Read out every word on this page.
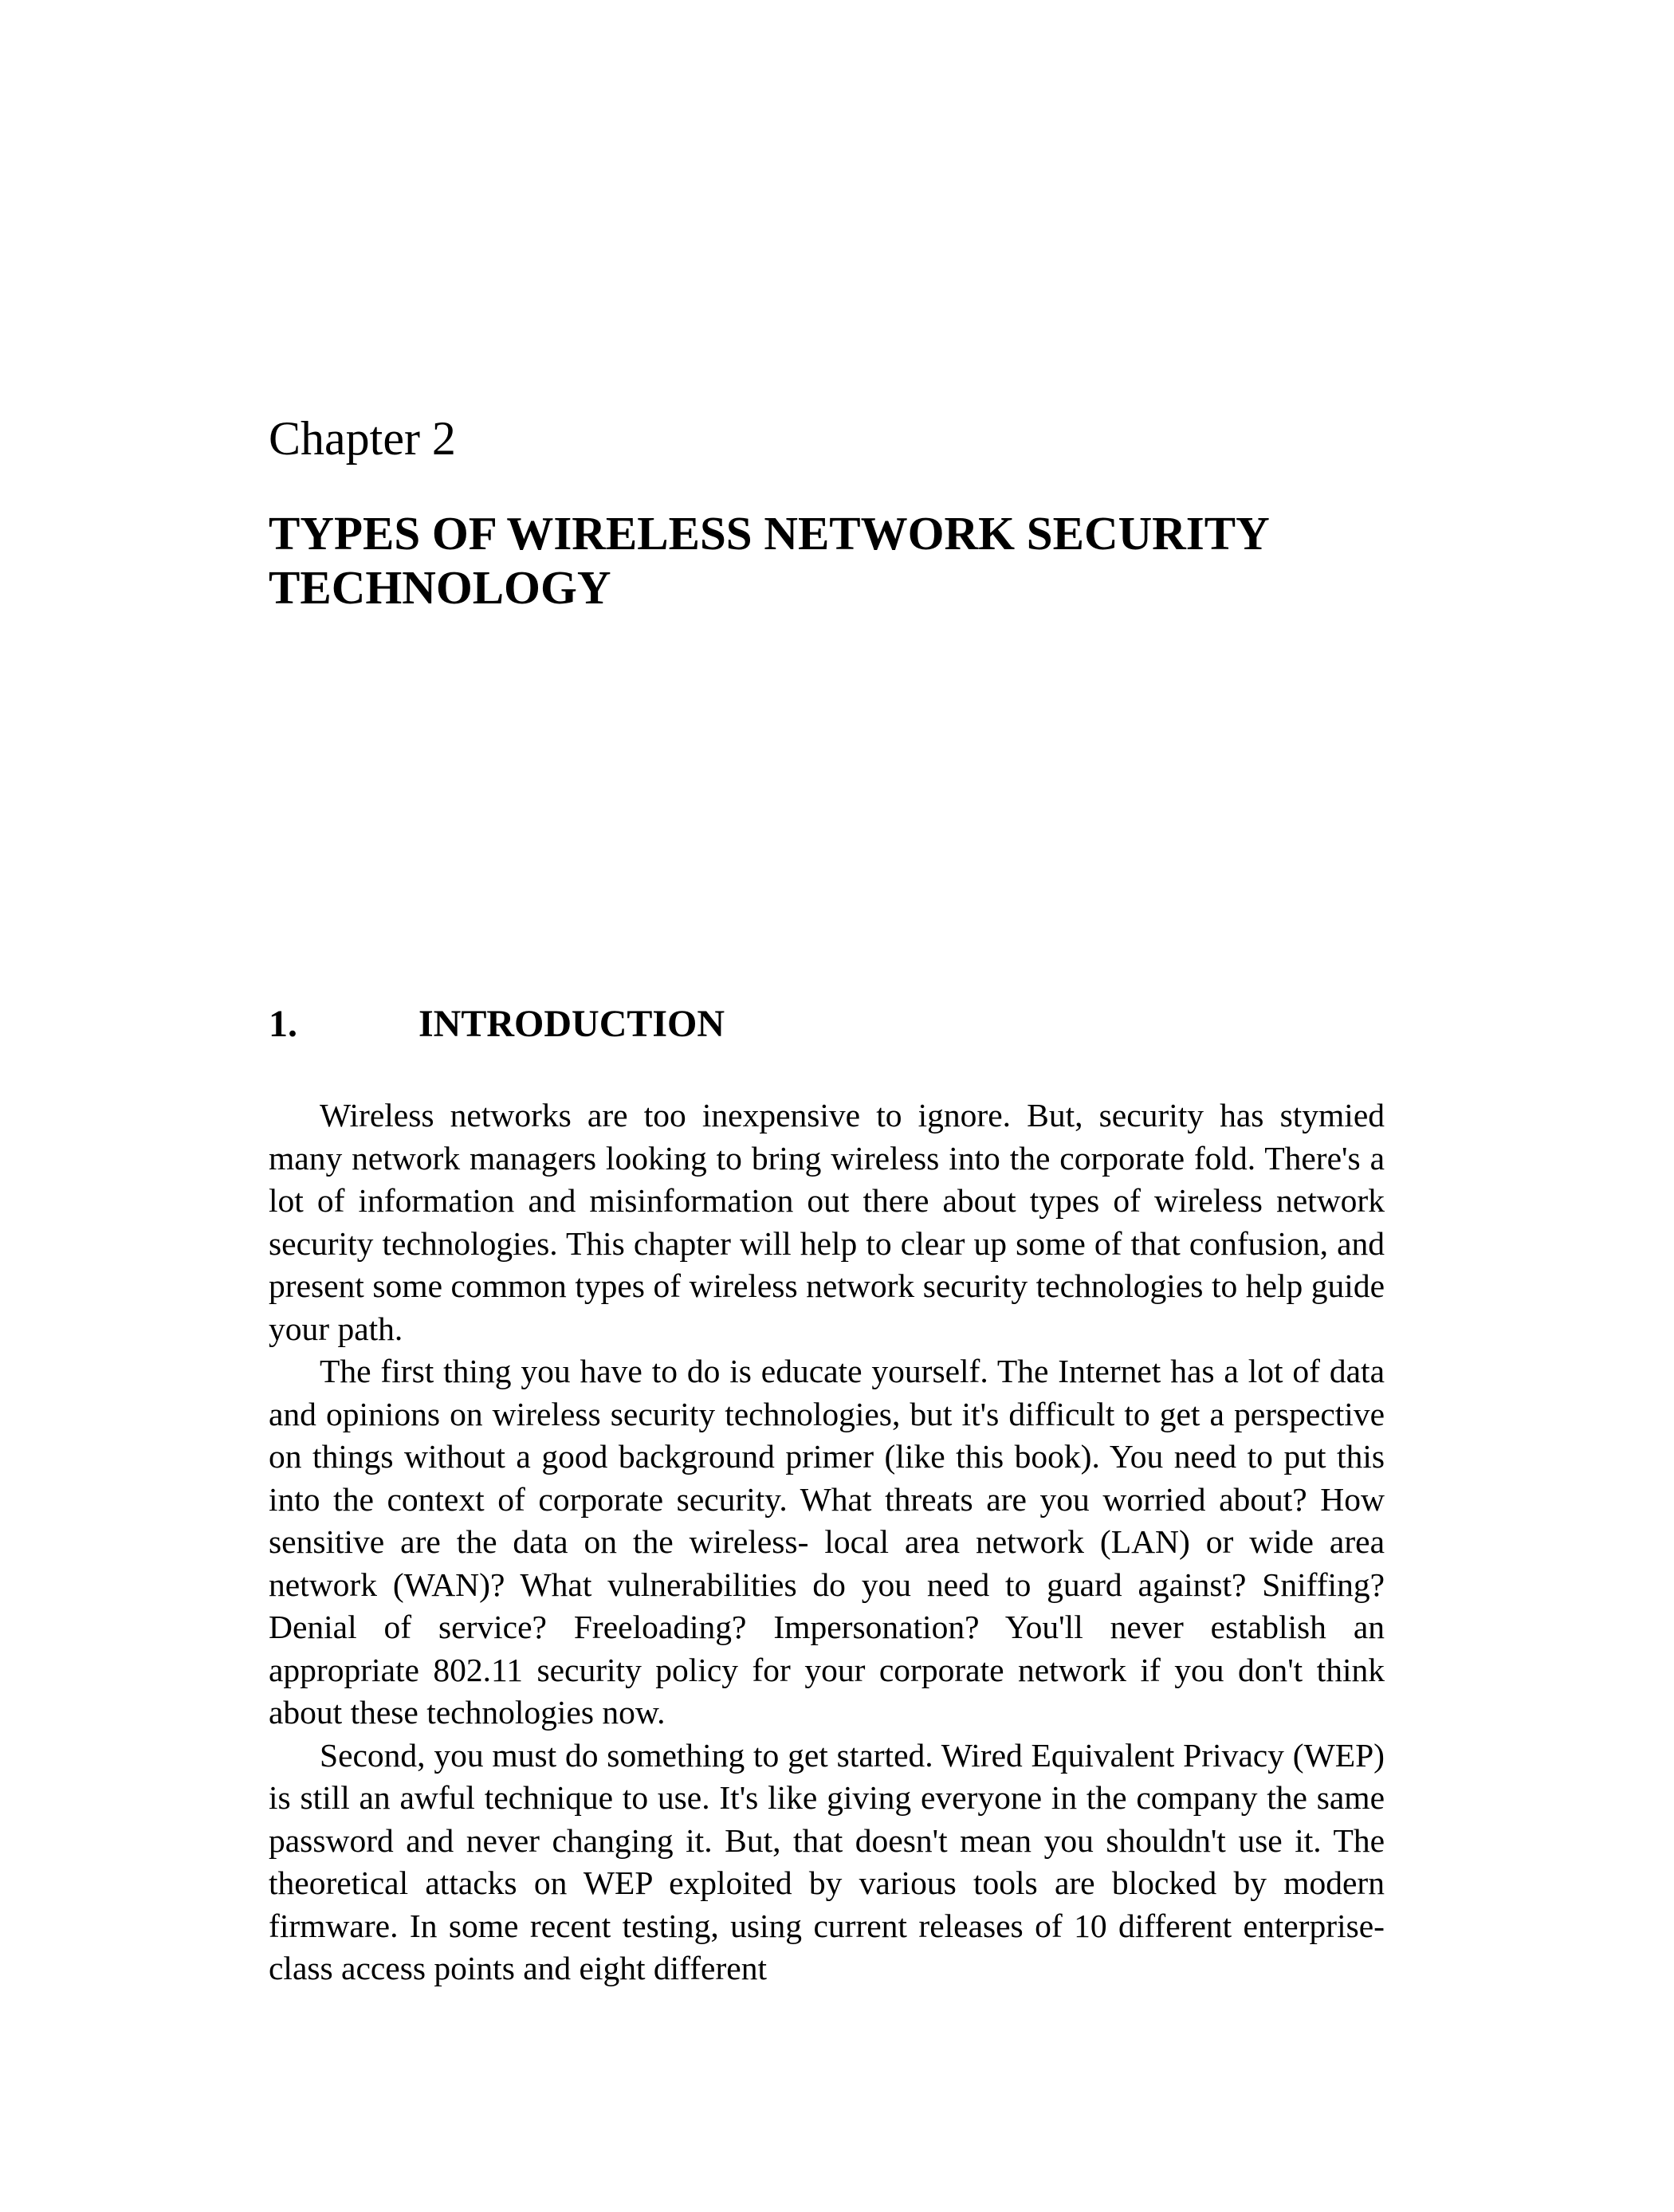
Chapter 2
TYPES OF WIRELESS NETWORK SECURITY
TECHNOLOGY
1.	INTRODUCTION

Wireless networks are too inexpensive to ignore. But, security has stymied many network managers looking to bring wireless into the corporate fold. There's a lot of information and misinformation out there about types of wireless network security technologies. This chapter will help to clear up some of that confusion, and present some common types of wireless network security technologies to help guide your path.

The first thing you have to do is educate yourself. The Internet has a lot of data and opinions on wireless security technologies, but it's difficult to get a perspective on things without a good background primer (like this book). You need to put this into the context of corporate security. What threats are you worried about? How sensitive are the data on the wireless- local area network (LAN) or wide area network (WAN)? What vulnerabilities do you need to guard against? Sniffing? Denial of service? Freeloading? Impersonation? You'll never establish an appropriate 802.11 security policy for your corporate network if you don't think about these technologies now.

Second, you must do something to get started. Wired Equivalent Privacy (WEP) is still an awful technique to use. It's like giving everyone in the company the same password and never changing it. But, that doesn't mean you shouldn't use it. The theoretical attacks on WEP exploited by various tools are blocked by modern firmware. In some recent testing, using current releases of 10 different enterprise-class access points and eight different
